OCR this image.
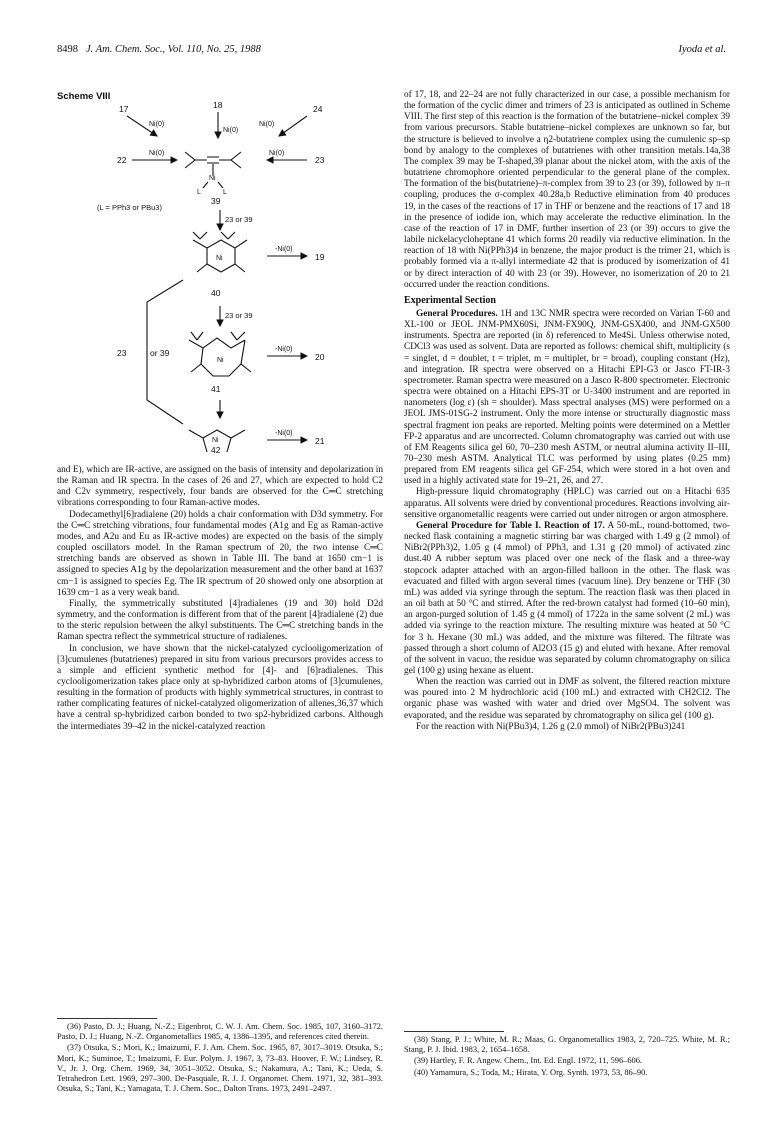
8498 J. Am. Chem. Soc., Vol. 110, No. 25, 1988	Iyoda et al.
Scheme VIII
17	18	24
Ni(0)
Ni(0)
Ni(0)
Ni(0)	Ni(0)
22	23
Ni
L	L
39
(L = PPh3 or PBu3)
23 or 39
-Ni(0)
19
Ni
40
23 or 39
23	or 39	-Ni(0)
20
Ni
41
-Ni(0)
21
Ni
42

and E), which are IR-active, are assigned on the basis of intensity and depolarization in the Raman and IR spectra. In the cases of 26 and 27, which are expected to hold C2 and C2v symmetry, respectively, four bands are observed for the C═C stretching vibrations corresponding to four Raman-active modes.

Dodecamethyl[6]radialene (20) holds a chair conformation with D3d symmetry. For the C═C stretching vibrations, four fundamental modes (A1g and Eg as Raman-active modes, and A2u and Eu as IR-active modes) are expected on the basis of the simply coupled oscillators model. In the Raman spectrum of 20, the two intense C═C stretching bands are observed as shown in Table III. The band at 1650 cm−1 is assigned to species A1g by the depolarization measurement and the other band at 1637 cm−1 is assigned to species Eg. The IR spectrum of 20 showed only one absorption at 1639 cm−1 as a very weak band.

Finally, the symmetrically substituted [4]radialenes (19 and 30) hold D2d symmetry, and the conformation is different from that of the parent [4]radialene (2) due to the steric repulsion between the alkyl substituents. The C═C stretching bands in the Raman spectra reflect the symmetrical structure of radialenes.

In conclusion, we have shown that the nickel-catalyzed cyclooligomerization of [3]cumulenes (butatrienes) prepared in situ from various precursors provides access to a simple and efficient synthetic method for [4]- and [6]radialenes. This cyclooligomerization takes place only at sp-hybridized carbon atoms of [3]cumulenes, resulting in the formation of products with highly symmetrical structures, in contrast to rather complicating features of nickel-catalyzed oligomerization of allenes,36,37 which have a central sp-hybridized carbon bonded to two sp2-hybridized carbons. Although the intermediates 39–42 in the nickel-catalyzed reaction

(36) Pasto, D. J.; Huang, N.-Z.; Eigenbrot, C. W. J. Am. Chem. Soc. 1985, 107, 3160–3172. Pasto, D. J.; Huang, N.-Z. Organometallics 1985, 4, 1386–1395, and references cited therein.

(37) Otsuka, S.; Mori, K.; Imaizumi, F. J. Am. Chem. Soc. 1965, 87, 3017–3019. Otsuka, S.; Mori, K.; Suminoe, T.; Imaizumi, F. Eur. Polym. J. 1967, 3, 73–83. Hoover, F. W.; Lindsey, R. V., Jr. J. Org. Chem. 1969, 34, 3051–3052. Otsuka, S.; Nakamura, A.; Tani, K.; Ueda, S. Tetrahedron Lett. 1969, 297–300. De-Pasquale, R. J. J. Organomet. Chem. 1971, 32, 381–393. Otsuka, S.; Tani, K.; Yamagata, T. J. Chem. Soc., Dalton Trans. 1973, 2491–2497.

of 17, 18, and 22–24 are not fully characterized in our case, a possible mechanism for the formation of the cyclic dimer and trimers of 23 is anticipated as outlined in Scheme VIII. The first step of this reaction is the formation of the butatriene–nickel complex 39 from various precursors. Stable butatriene–nickel complexes are unknown so far, but the structure is believed to involve a η2-butatriene complex using the cumulenic sp–sp bond by analogy to the complexes of butatrienes with other transition metals.14a,38 The complex 39 may be T-shaped,39 planar about the nickel atom, with the axis of the butatriene chromophore oriented perpendicular to the general plane of the complex. The formation of the bis(butatriene)–π-complex from 39 to 23 (or 39), followed by π–π coupling, produces the σ-complex 40.28a,b Reductive elimination from 40 produces 19, in the cases of the reactions of 17 in THF or benzene and the reactions of 17 and 18 in the presence of iodide ion, which may accelerate the reductive elimination. In the case of the reaction of 17 in DMF, further insertion of 23 (or 39) occurs to give the labile nickelacycloheptane 41 which forms 20 readily via reductive elimination. In the reaction of 18 with Ni(PPh3)4 in benzene, the major product is the trimer 21, which is probably formed via a π-allyl intermediate 42 that is produced by isomerization of 41 or by direct interaction of 40 with 23 (or 39). However, no isomerization of 20 to 21 occurred under the reaction conditions.

Experimental Section

General Procedures. 1H and 13C NMR spectra were recorded on Varian T-60 and XL-100 or JEOL JNM-PMX60Si, JNM-FX90Q, JNM-GSX400, and JNM-GX500 instruments. Spectra are reported (in δ) referenced to Me4Si. Unless otherwise noted, CDCl3 was used as solvent. Data are reported as follows: chemical shift, multiplicity (s = singlet, d = doublet, t = triplet, m = multiplet, br = broad), coupling constant (Hz), and integration. IR spectra were observed on a Hitachi EPI-G3 or Jasco FT-IR-3 spectrometer. Raman spectra were measured on a Jasco R-800 spectrometer. Electronic spectra were obtained on a Hitachi EPS-3T or U-3400 instrument and are reported in nanometers (log ε) (sh = shoulder). Mass spectral analyses (MS) were performed on a JEOL JMS-01SG-2 instrument. Only the more intense or structurally diagnostic mass spectral fragment ion peaks are reported. Melting points were determined on a Mettler FP-2 apparatus and are uncorrected. Column chromatography was carried out with use of EM Reagents silica gel 60, 70–230 mesh ASTM, or neutral alumina activity II–III, 70–230 mesh ASTM. Analytical TLC was performed by using plates (0.25 mm) prepared from EM reagents silica gel GF-254, which were stored in a hot oven and used in a highly activated state for 19–21, 26, and 27.

High-pressure liquid chromatography (HPLC) was carried out on a Hitachi 635 apparatus. All solvents were dried by conventional procedures. Reactions involving air-sensitive organometallic reagents were carried out under nitrogen or argon atmosphere.

General Procedure for Table I. Reaction of 17. A 50-mL, round-bottomed, two-necked flask containing a magnetic stirring bar was charged with 1.49 g (2 mmol) of NiBr2(PPh3)2, 1.05 g (4 mmol) of PPh3, and 1.31 g (20 mmol) of activated zinc dust.40 A rubber septum was placed over one neck of the flask and a three-way stopcock adapter attached with an argon-filled balloon in the other. The flask was evacuated and filled with argon several times (vacuum line). Dry benzene or THF (30 mL) was added via syringe through the septum. The reaction flask was then placed in an oil bath at 50 °C and stirred. After the red-brown catalyst had formed (10–60 min), an argon-purged solution of 1.45 g (4 mmol) of 1722a in the same solvent (2 mL) was added via syringe to the reaction mixture. The resulting mixture was heated at 50 °C for 3 h. Hexane (30 mL) was added, and the mixture was filtered. The filtrate was passed through a short column of Al2O3 (15 g) and eluted with hexane. After removal of the solvent in vacuo, the residue was separated by column chromatography on silica gel (100 g) using hexane as eluent.

When the reaction was carried out in DMF as solvent, the filtered reaction mixture was poured into 2 M hydrochloric acid (100 mL) and extracted with CH2Cl2. The organic phase was washed with water and dried over MgSO4. The solvent was evaporated, and the residue was separated by chromatography on silica gel (100 g).

For the reaction with Ni(PBu3)4, 1.26 g (2.0 mmol) of NiBr2(PBu3)241

(38) Stang, P. J.; White, M. R.; Maas, G. Organometallics 1983, 2, 720–725. White, M. R.; Stang, P. J. Ibid. 1983, 2, 1654–1658.

(39) Hartley, F. R. Angew. Chem., Int. Ed. Engl. 1972, 11, 596–606.

(40) Yamamura, S.; Toda, M.; Hirata, Y. Org. Synth. 1973, 53, 86–90.
